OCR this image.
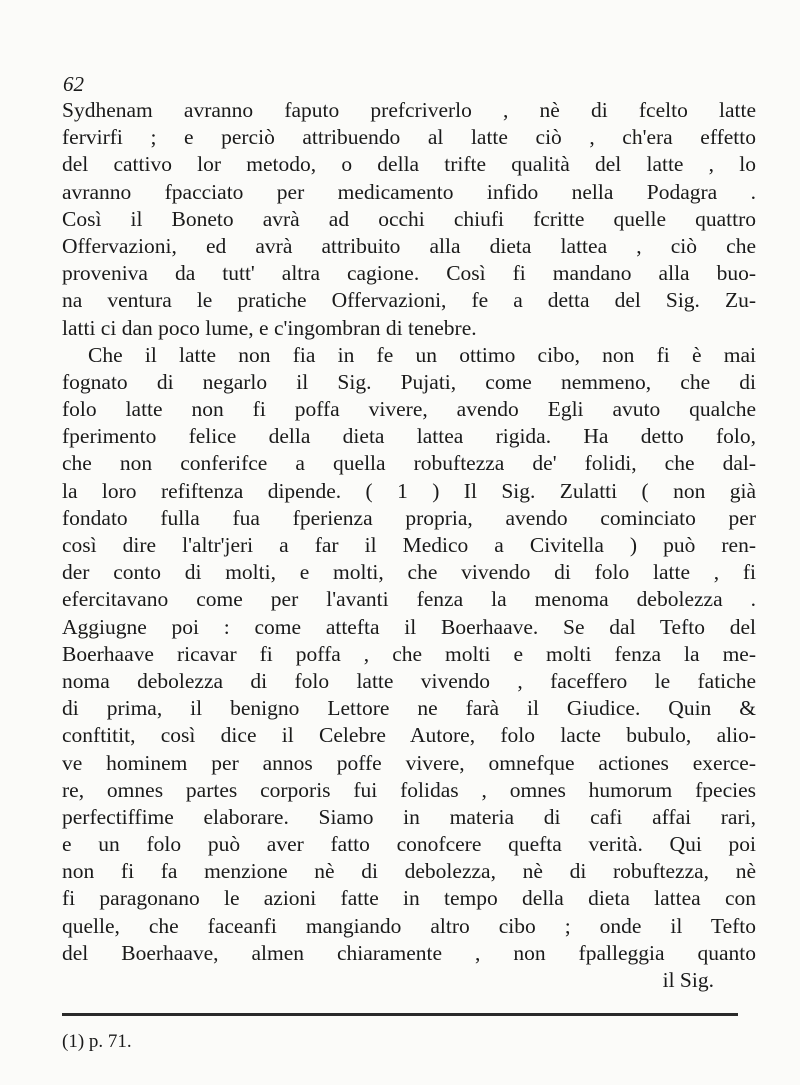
62
Sydhenam avranno faputo prefcriverlo , nè di fcelto latte
fervirfi ; e perciò attribuendo al latte ciò , ch'era effetto
del cattivo lor metodo, o della trifte qualità del latte , lo
avranno fpacciato per medicamento infido nella Podagra .
Così il Boneto avrà ad occhi chiufi fcritte quelle quattro
Offervazioni, ed avrà attribuito alla dieta lattea , ciò che
proveniva da tutt' altra cagione. Così fi mandano alla buo-
na ventura le pratiche Offervazioni, fe a detta del Sig. Zu-
latti ci dan poco lume, e c'ingombran di tenebre.
Che il latte non fia in fe un ottimo cibo, non fi è mai
fognato di negarlo il Sig. Pujati, come nemmeno, che di
folo latte non fi poffa vivere, avendo Egli avuto qualche
fperimento felice della dieta lattea rigida. Ha detto folo,
che non conferifce a quella robuftezza de' folidi, che dal-
la loro refiftenza dipende. ( 1 ) Il Sig. Zulatti ( non già
fondato fulla fua fperienza propria, avendo cominciato per
così dire l'altr'jeri a far il Medico a Civitella ) può ren-
der conto di molti, e molti, che vivendo di folo latte , fi
efercitavano come per l'avanti fenza la menoma debolezza .
Aggiugne poi : come attefta il Boerhaave. Se dal Tefto del
Boerhaave ricavar fi poffa , che molti e molti fenza la me-
noma debolezza di folo latte vivendo , faceffero le fatiche
di prima, il benigno Lettore ne farà il Giudice. Quin &
conftitit, così dice il Celebre Autore, folo lacte bubulo, alio-
ve hominem per annos poffe vivere, omnefque actiones exerce-
re, omnes partes corporis fui folidas , omnes humorum fpecies
perfectiffime elaborare. Siamo in materia di cafi affai rari,
e un folo può aver fatto conofcere quefta verità. Qui poi
non fi fa menzione nè di debolezza, nè di robuftezza, nè
fi paragonano le azioni fatte in tempo della dieta lattea con
quelle, che faceanfi mangiando altro cibo ; onde il Tefto
del Boerhaave, almen chiaramente , non fpalleggia quanto
il Sig.
(1) p. 71.
